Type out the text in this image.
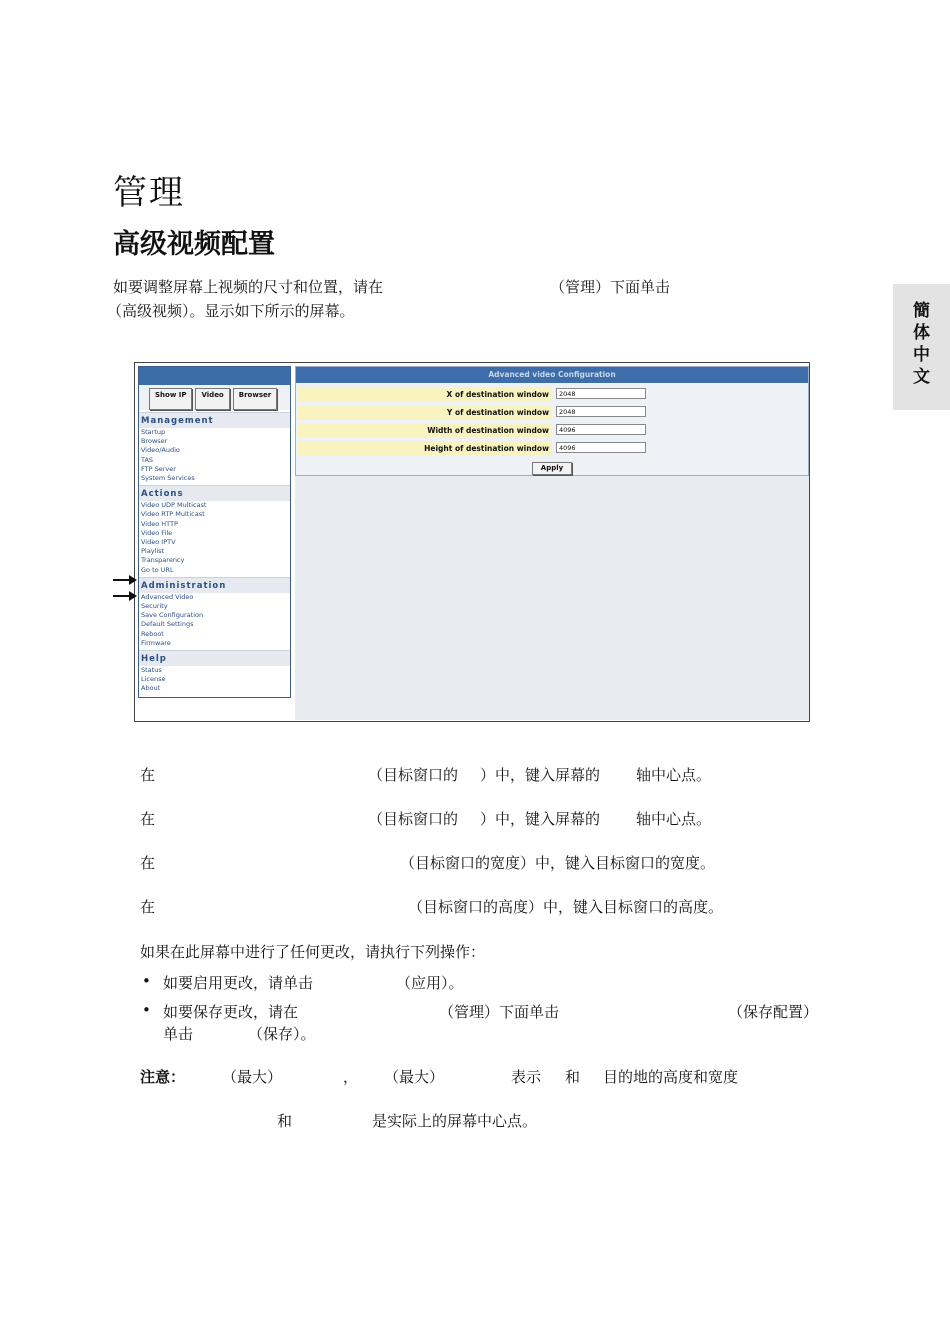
管理
高级视频配置
如要调整屏幕上视频的尺寸和位置，请在	（管理）下面单击
（高级视频）。显示如下所示的屏幕。	簡
体
中
文
Show IP	Video	Browser
Management
Startup
Browser
Video/Audio
TAS
FTP Server
System Services
Actions
Video UDP Multicast
Video RTP Multicast
Video HTTP
Video File
Video IPTV
Playlist
Transparency
Go to URL
Administration
Advanced Video
Security
Save Configuration
Default Settings
Reboot
Firmware
Help
Status
License
About
Advanced video Configuration
X of destination window	2048
Y of destination window	2048
Width of destination window	4096
Height of destination window	4096
Apply
在	（目标窗口的 ）中，键入屏幕的 轴中心点。
在	（目标窗口的 ）中，键入屏幕的 轴中心点。
在	（目标窗口的宽度）中，键入目标窗口的宽度。
在	（目标窗口的高度）中，键入目标窗口的高度。
如果在此屏幕中进行了任何更改，请执行下列操作：
• 如要启用更改，请单击	（应用）。
• 如要保存更改，请在	（管理）下面单击	（保存配置）
单击	（保存）。
注意： （最大）	， （最大）	表示 和 目的地的高度和宽度
和	是实际上的屏幕中心点。
